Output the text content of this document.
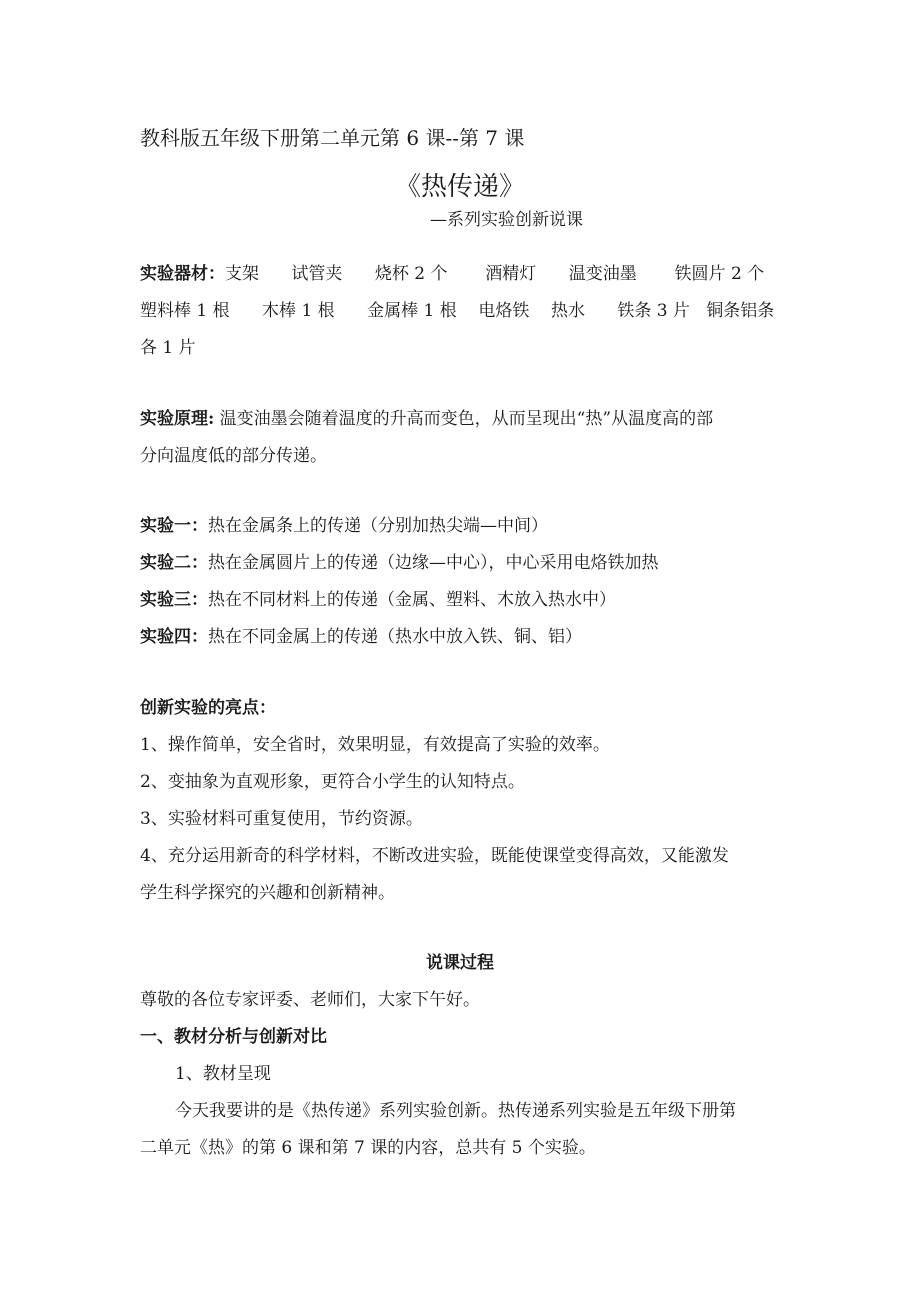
教科版五年级下册第二单元第 6 课--第 7 课
《热传递》
—系列实验创新说课
实验器材：支架      试管夹      烧杯 2 个       酒精灯      温变油墨       铁圆片 2 个
塑料棒 1 根      木棒 1 根      金属棒 1 根    电烙铁    热水      铁条 3 片   铜条铝条
各 1 片
实验原理: 温变油墨会随着温度的升高而变色，从而呈现出“热”从温度高的部
分向温度低的部分传递。
实验一：热在金属条上的传递（分别加热尖端—中间）
实验二：热在金属圆片上的传递（边缘—中心），中心采用电烙铁加热
实验三：热在不同材料上的传递（金属、塑料、木放入热水中）
实验四：热在不同金属上的传递（热水中放入铁、铜、铝）
创新实验的亮点：
1、操作简单，安全省时，效果明显，有效提高了实验的效率。
2、变抽象为直观形象，更符合小学生的认知特点。
3、实验材料可重复使用，节约资源。
4、充分运用新奇的科学材料，不断改进实验，既能使课堂变得高效，又能激发
学生科学探究的兴趣和创新精神。
说课过程
尊敬的各位专家评委、老师们，大家下午好。
一、教材分析与创新对比
1、教材呈现
今天我要讲的是《热传递》系列实验创新。热传递系列实验是五年级下册第
二单元《热》的第 6 课和第 7 课的内容，总共有 5 个实验。
